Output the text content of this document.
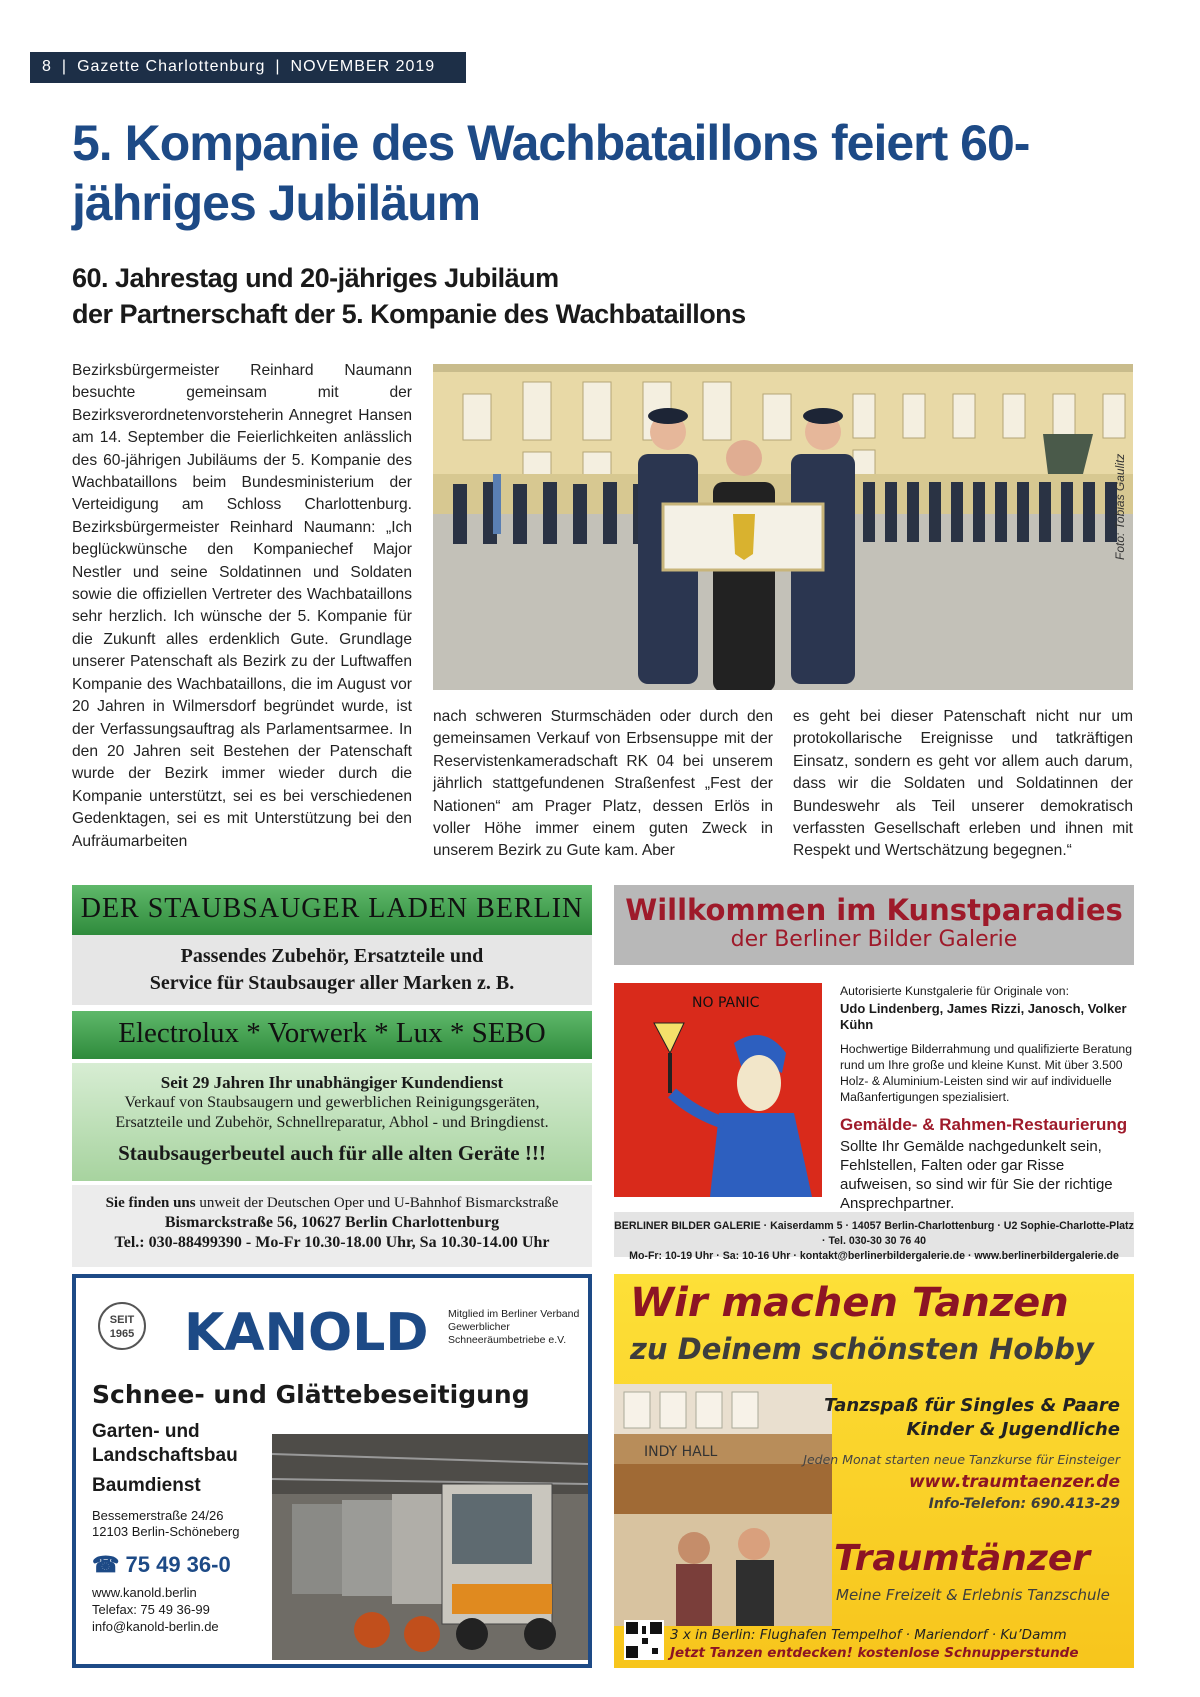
8 | Gazette Charlottenburg | NOVEMBER 2019
5. Kompanie des Wachbataillons feiert 60-jähriges Jubiläum
60. Jahrestag und 20-jähriges Jubiläum
der Partnerschaft der 5. Kompanie des Wachbataillons

Bezirksbürgermeister Reinhard Naumann besuchte gemeinsam mit der Bezirksverordnetenvorsteherin Annegret Hansen am 14. September die Feierlichkeiten anlässlich des 60-jährigen Jubiläums der 5. Kompanie des Wachbataillons beim Bundesministerium der Verteidigung am Schloss Charlottenburg. Bezirksbürgermeister Reinhard Naumann: „Ich beglückwünsche den Kompaniechef Major Nestler und seine Soldatinnen und Soldaten sowie die offiziellen Vertreter des Wachbataillons sehr herzlich. Ich wünsche der 5. Kompanie für die Zukunft alles erdenklich Gute. Grundlage unserer Patenschaft als Bezirk zu der Luftwaffen Kompanie des Wachbataillons, die im August vor 20 Jahren in Wilmersdorf begründet wurde, ist der Verfassungsauftrag als Parlamentsarmee. In den 20 Jahren seit Bestehen der Patenschaft wurde der Bezirk immer wieder durch die Kompanie unterstützt, sei es bei verschiedenen Gedenktagen, sei es mit Unterstützung bei den Aufräumarbeiten

Foto: Tobias Gaulitz

nach schweren Sturmschäden oder durch den gemeinsamen Verkauf von Erbsensuppe mit der Reservistenkameradschaft RK 04 bei unserem jährlich stattgefundenen Straßenfest „Fest der Nationen“ am Prager Platz, dessen Erlös in voller Höhe immer einem guten Zweck in unserem Bezirk zu Gute kam. Aber

es geht bei dieser Patenschaft nicht nur um protokollarische Ereignisse und tatkräftigen Einsatz, sondern es geht vor allem auch darum, dass wir die Soldaten und Soldatinnen der Bundeswehr als Teil unserer demokratisch verfassten Gesellschaft erleben und ihnen mit Respekt und Wertschätzung begegnen.“

DER STAUBSAUGER LADEN BERLIN
Passendes Zubehör, Ersatzteile und
Service für Staubsauger aller Marken z. B.
Electrolux * Vorwerk * Lux * SEBO
Seit 29 Jahren Ihr unabhängiger Kundendienst
Verkauf von Staubsaugern und gewerblichen Reinigungsgeräten,
Ersatzteile und Zubehör, Schnellreparatur, Abhol - und Bringdienst.
Staubsaugerbeutel auch für alle alten Geräte !!!
Sie finden uns unweit der Deutschen Oper und U-Bahnhof Bismarckstraße
Bismarckstraße 56, 10627 Berlin Charlottenburg
Tel.: 030-88499390 - Mo-Fr 10.30-18.00 Uhr, Sa 10.30-14.00 Uhr
Willkommen im Kunstparadies
der Berliner Bilder Galerie
NO PANIC
Autorisierte Kunstgalerie für Originale von:
Udo Lindenberg, James Rizzi, Janosch, Volker Kühn
Hochwertige Bilderrahmung und qualifizierte Beratung rund um Ihre große und kleine Kunst. Mit über 3.500 Holz- & Aluminium-Leisten sind wir auf individuelle Maßanfertigungen spezialisiert.
Gemälde- & Rahmen-Restaurierung
Sollte Ihr Gemälde nachgedunkelt sein, Fehlstellen, Falten oder gar Risse aufweisen, so sind wir für Sie der richtige Ansprechpartner.
BERLINER BILDER GALERIE · Kaiserdamm 5 · 14057 Berlin-Charlottenburg · U2 Sophie-Charlotte-Platz · Tel. 030-30 30 76 40
Mo-Fr: 10-19 Uhr · Sa: 10-16 Uhr · kontakt@berlinerbildergalerie.de · www.berlinerbildergalerie.de
SEIT
1965 KANOLD Mitglied im Berliner Verband Gewerblicher Schneeräumbetriebe e.V.
Schnee- und Glättebeseitigung
Garten- und Landschaftsbau
Baumdienst
Bessemerstraße 24/26
12103 Berlin-Schöneberg
☎ 75 49 36-0
www.kanold.berlin
Telefax: 75 49 36-99
info@kanold-berlin.de
Wir machen Tanzen
zu Deinem schönsten Hobby
INDY HALL
Tanzspaß für Singles & Paare
Kinder & Jugendliche
Jeden Monat starten neue Tanzkurse für Einsteiger
www.traumtaenzer.de
Info-Telefon: 690.413-29
Traumtänzer
Meine Freizeit & Erlebnis Tanzschule
3 x in Berlin: Flughafen Tempelhof · Mariendorf · Ku’Damm
Jetzt Tanzen entdecken! kostenlose Schnupperstunde
